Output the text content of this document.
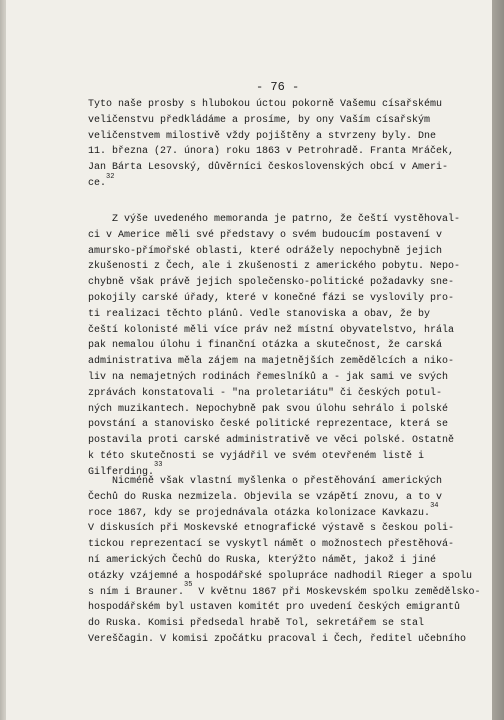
- 76 -
Tyto naše prosby s hlubokou úctou pokorně Vašemu císařskému
veličenstvu předkládáme a prosíme, by ony Vaším císařským
veličenstvem milostivě vždy pojištěny a stvrzeny byly. Dne
11. března (27. února) roku 1863 v Petrohradě. Franta Mráček,
Jan Bárta Lesovský, důvěrníci československých obcí v Ameri-
ce.$^{32}$
Z výše uvedeného memoranda je patrno, že čeští vystěhoval-
ci v Americe měli své představy o svém budoucím postavení v
amursko-přímořské oblasti, které odrážely nepochybně jejich
zkušenosti z Čech, ale i zkušenosti z amerického pobytu. Nepo-
chybně však právě jejich společensko-politické požadavky sne-
pokojily carské úřady, které v konečné fázi se vyslovily pro-
ti realizaci těchto plánů. Vedle stanoviska a obav, že by
čeští kolonisté měli více práv než místní obyvatelstvo, hrála
pak nemalou úlohu i finanční otázka a skutečnost, že carská
administrativa měla zájem na majetnějších zemědělcích a niko-
liv na nemajetných rodinách řemeslníků a - jak sami ve svých
zprávách konstatovali - "na proletariátu" či českých potul-
ných muzikantech. Nepochybně pak svou úlohu sehrálo i polské
povstání a stanovisko české politické reprezentace, která se
postavila proti carské administrativě ve věci polské. Ostatně
k této skutečnosti se vyjádřil ve svém otevřeném listě i
Gilferding.$^{33}$
Nicméně však vlastní myšlenka o přestěhování amerických
Čechů do Ruska nezmizela. Objevila se vzápětí znovu, a to v
roce 1867, kdy se projednávala otázka kolonizace Kavkazu.$^{34}$
V diskusích při Moskevské etnografické výstavě s českou poli-
tickou reprezentací se vyskytl námět o možnostech přestěhová-
ní amerických Čechů do Ruska, kterýžto námět, jakož i jiné
otázky vzájemné a hospodářské spolupráce nadhodil Rieger a spolu
s ním i Brauner.$^{35}$ V květnu 1867 při Moskevském spolku zemědělsko-
hospodářském byl ustaven komitét pro uvedení českých emigrantů
do Ruska. Komisi předsedal hrabě Tol, sekretářem se stal
Vereščagin. V komisi zpočátku pracoval i Čech, ředitel učebního
